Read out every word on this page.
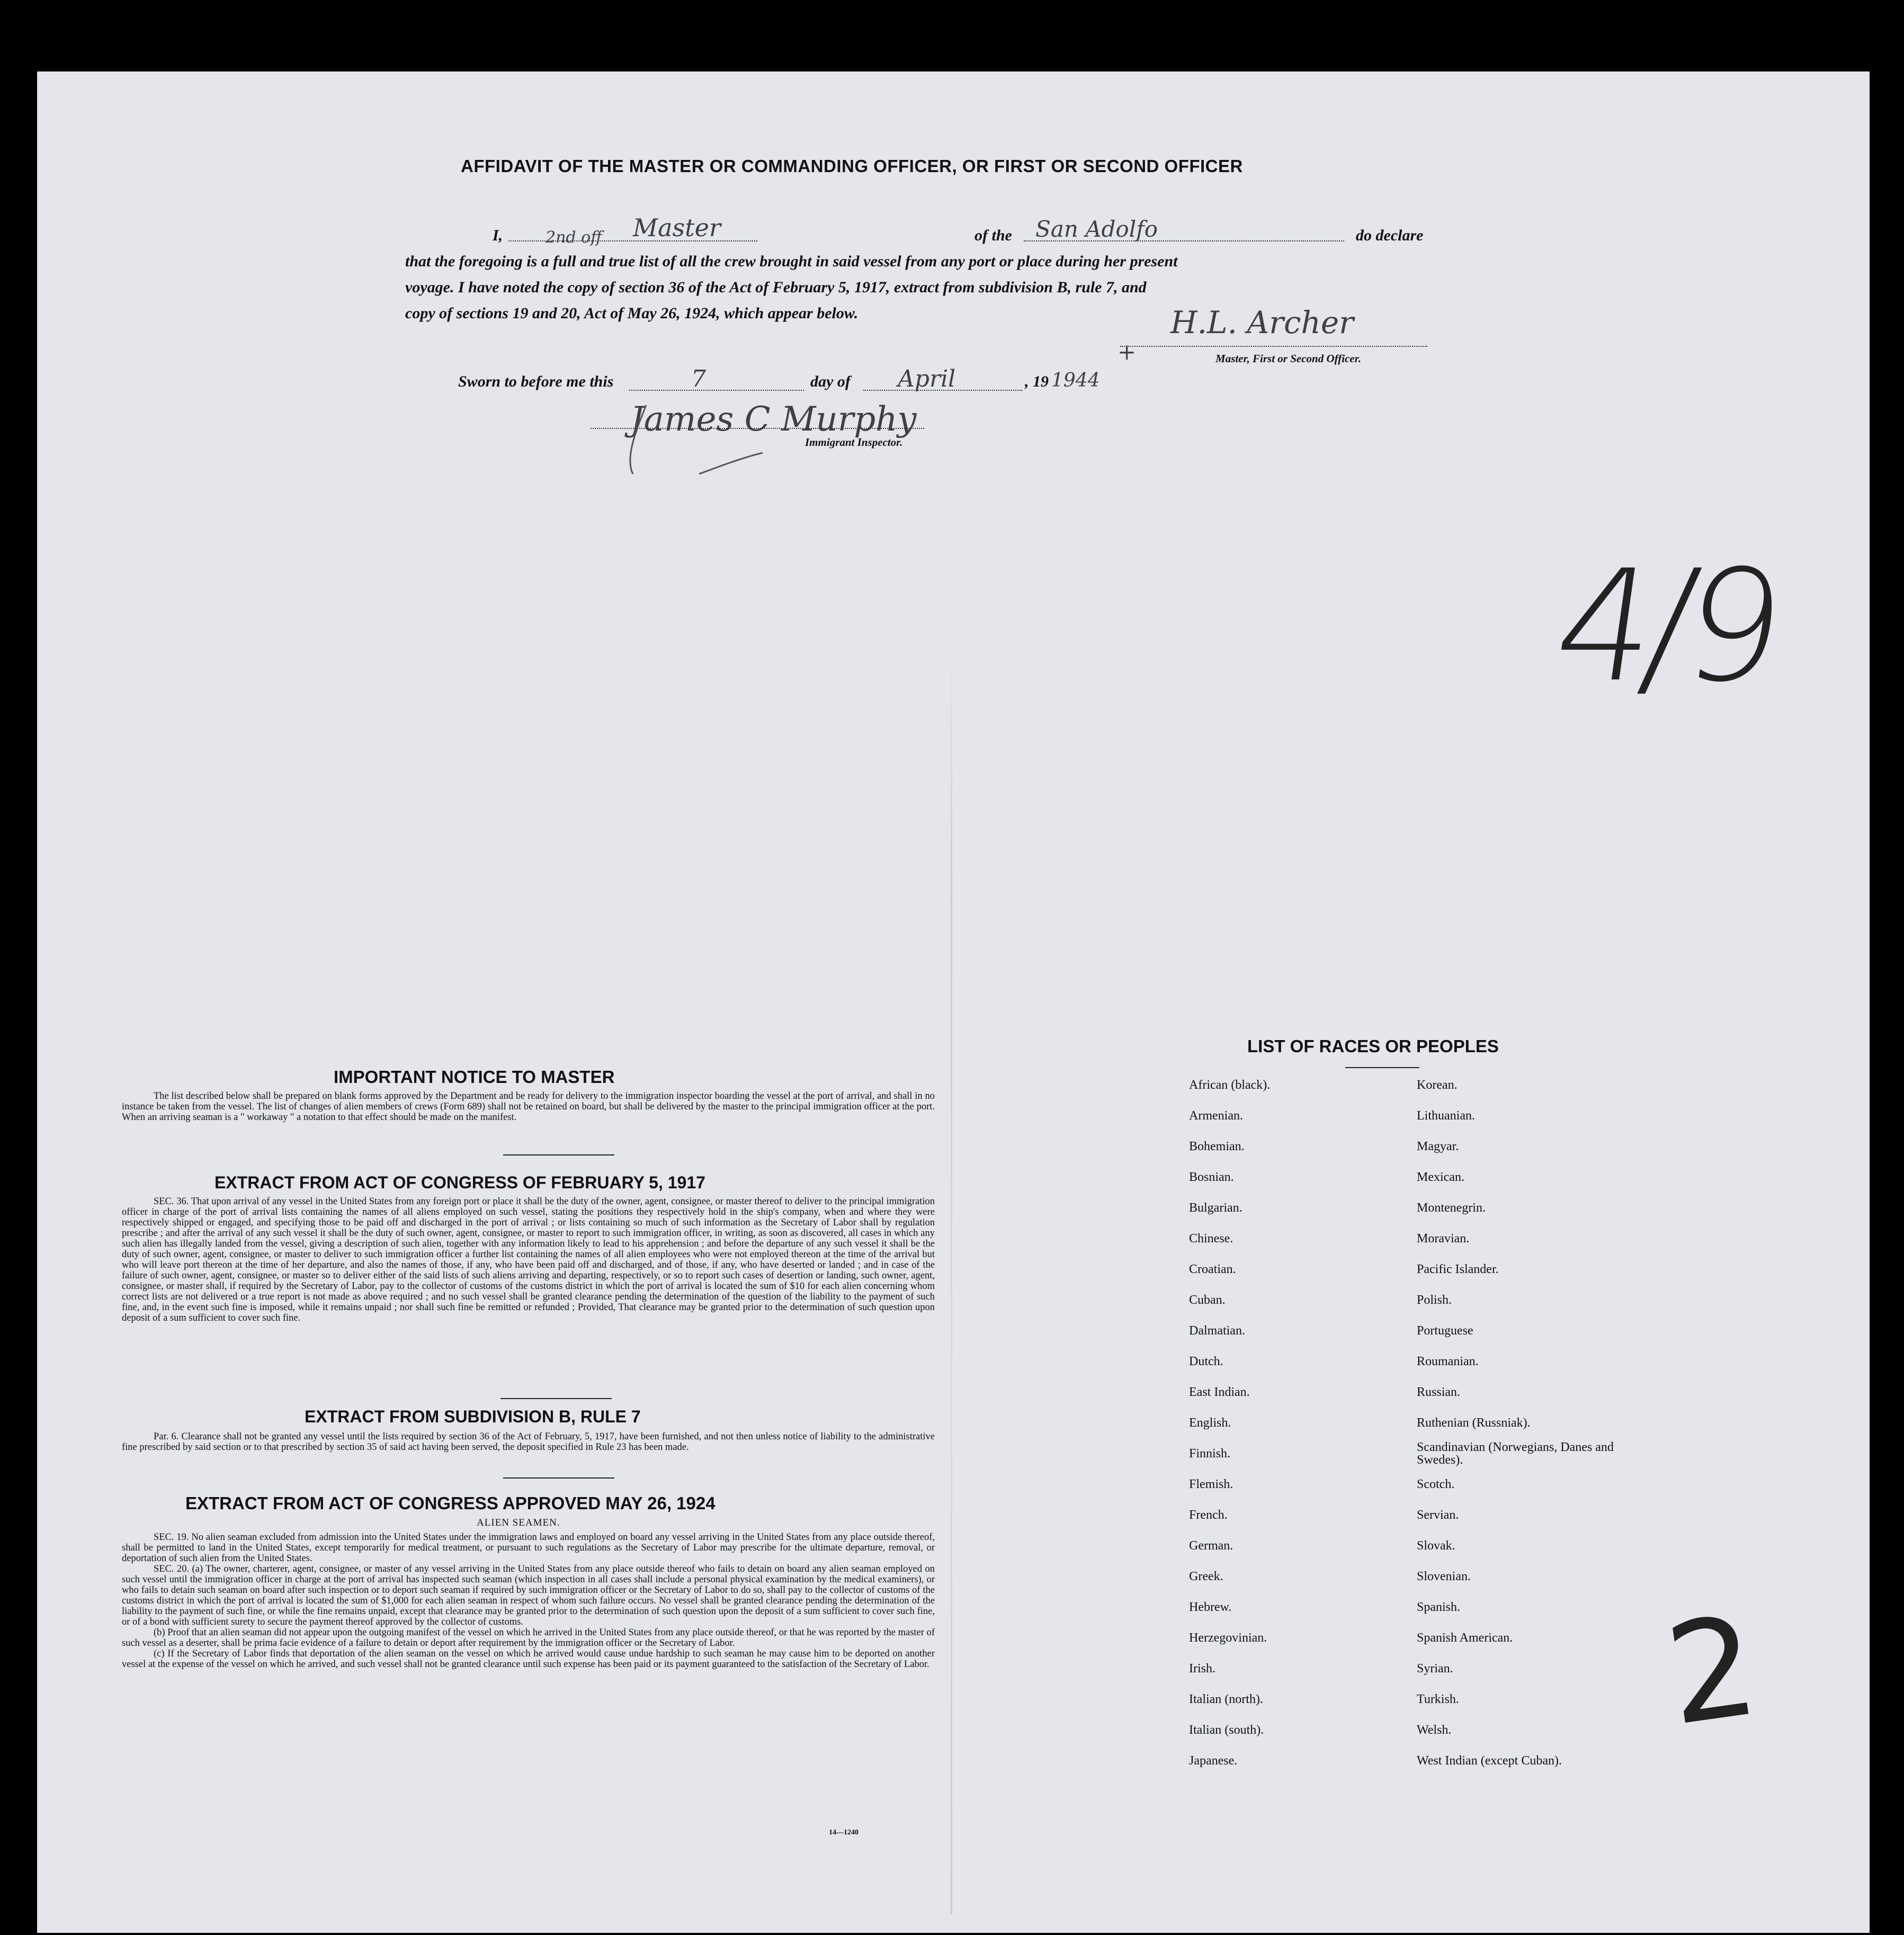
AFFIDAVIT OF THE MASTER OR COMMANDING OFFICER, OR FIRST OR SECOND OFFICER
I,	Master	of the San Adolfo	do declare
that the foregoing is a full and true list of all the crew brought in said vessel from any port or place during her present
voyage. I have noted the copy of section 36 of the Act of February 5, 1917, extract from subdivision B, rule 7, and
copy of sections 19 and 20, Act of May 26, 1924, which appear below.
2nd off
H.L. Archer
+	Master, First or Second Officer.
Sworn to before me this	7	day of April	, 19 1944
James C Murphy
Immigrant Inspector.
4/9
2
IMPORTANT NOTICE TO MASTER

The list described below shall be prepared on blank forms approved by the Department and be ready for delivery to the immigration inspector boarding the vessel at the port of arrival, and shall in no instance be taken from the vessel. The list of changes of alien members of crews (Form 689) shall not be retained on board, but shall be delivered by the master to the principal immigration officer at the port. When an arriving seaman is a " workaway " a notation to that effect should be made on the manifest.

EXTRACT FROM ACT OF CONGRESS OF FEBRUARY 5, 1917

SEC. 36. That upon arrival of any vessel in the United States from any foreign port or place it shall be the duty of the owner, agent, consignee, or master thereof to deliver to the principal immigration officer in charge of the port of arrival lists containing the names of all aliens employed on such vessel, stating the positions they respectively hold in the ship's company, when and where they were respectively shipped or engaged, and specifying those to be paid off and discharged in the port of arrival ; or lists containing so much of such information as the Secretary of Labor shall by regulation prescribe ; and after the arrival of any such vessel it shall be the duty of such owner, agent, consignee, or master to report to such immigration officer, in writing, as soon as discovered, all cases in which any such alien has illegally landed from the vessel, giving a description of such alien, together with any information likely to lead to his apprehension ; and before the departure of any such vessel it shall be the duty of such owner, agent, consignee, or master to deliver to such immigration officer a further list containing the names of all alien employees who were not employed thereon at the time of the arrival but who will leave port thereon at the time of her departure, and also the names of those, if any, who have been paid off and discharged, and of those, if any, who have deserted or landed ; and in case of the failure of such owner, agent, consignee, or master so to deliver either of the said lists of such aliens arriving and departing, respectively, or so to report such cases of desertion or landing, such owner, agent, consignee, or master shall, if required by the Secretary of Labor, pay to the collector of customs of the customs district in which the port of arrival is located the sum of $10 for each alien concerning whom correct lists are not delivered or a true report is not made as above required ; and no such vessel shall be granted clearance pending the determination of the question of the liability to the payment of such fine, and, in the event such fine is imposed, while it remains unpaid ; nor shall such fine be remitted or refunded ; Provided, That clearance may be granted prior to the determination of such question upon deposit of a sum sufficient to cover such fine.

EXTRACT FROM SUBDIVISION B, RULE 7

Par. 6. Clearance shall not be granted any vessel until the lists required by section 36 of the Act of February, 5, 1917, have been furnished, and not then unless notice of liability to the administrative fine prescribed by said section or to that prescribed by section 35 of said act having been served, the deposit specified in Rule 23 has been made.

EXTRACT FROM ACT OF CONGRESS APPROVED MAY 26, 1924
ALIEN SEAMEN.

SEC. 19. No alien seaman excluded from admission into the United States under the immigration laws and employed on board any vessel arriving in the United States from any place outside thereof, shall be permitted to land in the United States, except temporarily for medical treatment, or pursuant to such regulations as the Secretary of Labor may prescribe for the ultimate departure, removal, or deportation of such alien from the United States.

SEC. 20. (a) The owner, charterer, agent, consignee, or master of any vessel arriving in the United States from any place outside thereof who fails to detain on board any alien seaman employed on such vessel until the immigration officer in charge at the port of arrival has inspected such seaman (which inspection in all cases shall include a personal physical examination by the medical examiners), or who fails to detain such seaman on board after such inspection or to deport such seaman if required by such immigration officer or the Secretary of Labor to do so, shall pay to the collector of customs of the customs district in which the port of arrival is located the sum of $1,000 for each alien seaman in respect of whom such failure occurs. No vessel shall be granted clearance pending the determination of the liability to the payment of such fine, or while the fine remains unpaid, except that clearance may be granted prior to the determination of such question upon the deposit of a sum sufficient to cover such fine, or of a bond with sufficient surety to secure the payment thereof approved by the collector of customs.

(b) Proof that an alien seaman did not appear upon the outgoing manifest of the vessel on which he arrived in the United States from any place outside thereof, or that he was reported by the master of such vessel as a deserter, shall be prima facie evidence of a failure to detain or deport after requirement by the immigration officer or the Secretary of Labor.

(c) If the Secretary of Labor finds that deportation of the alien seaman on the vessel on which he arrived would cause undue hardship to such seaman he may cause him to be deported on another vessel at the expense of the vessel on which he arrived, and such vessel shall not be granted clearance until such expense has been paid or its payment guaranteed to the satisfaction of the Secretary of Labor.

14—1240
LIST OF RACES OR PEOPLES
African (black).	Korean.
Armenian.	Lithuanian.
Bohemian.	Magyar.
Bosnian.	Mexican.
Bulgarian.	Montenegrin.
Chinese.	Moravian.
Croatian.	Pacific Islander.
Cuban.	Polish.
Dalmatian.	Portuguese
Dutch.	Roumanian.
East Indian.	Russian.
English.	Ruthenian (Russniak).
Finnish.	Scandinavian (Norwegians, Danes and Swedes).
Flemish.	Scotch.
French.	Servian.
German.	Slovak.
Greek.	Slovenian.
Hebrew.	Spanish.
Herzegovinian.	Spanish American.
Irish.	Syrian.
Italian (north).	Turkish.
Italian (south).	Welsh.
Japanese.	West Indian (except Cuban).
